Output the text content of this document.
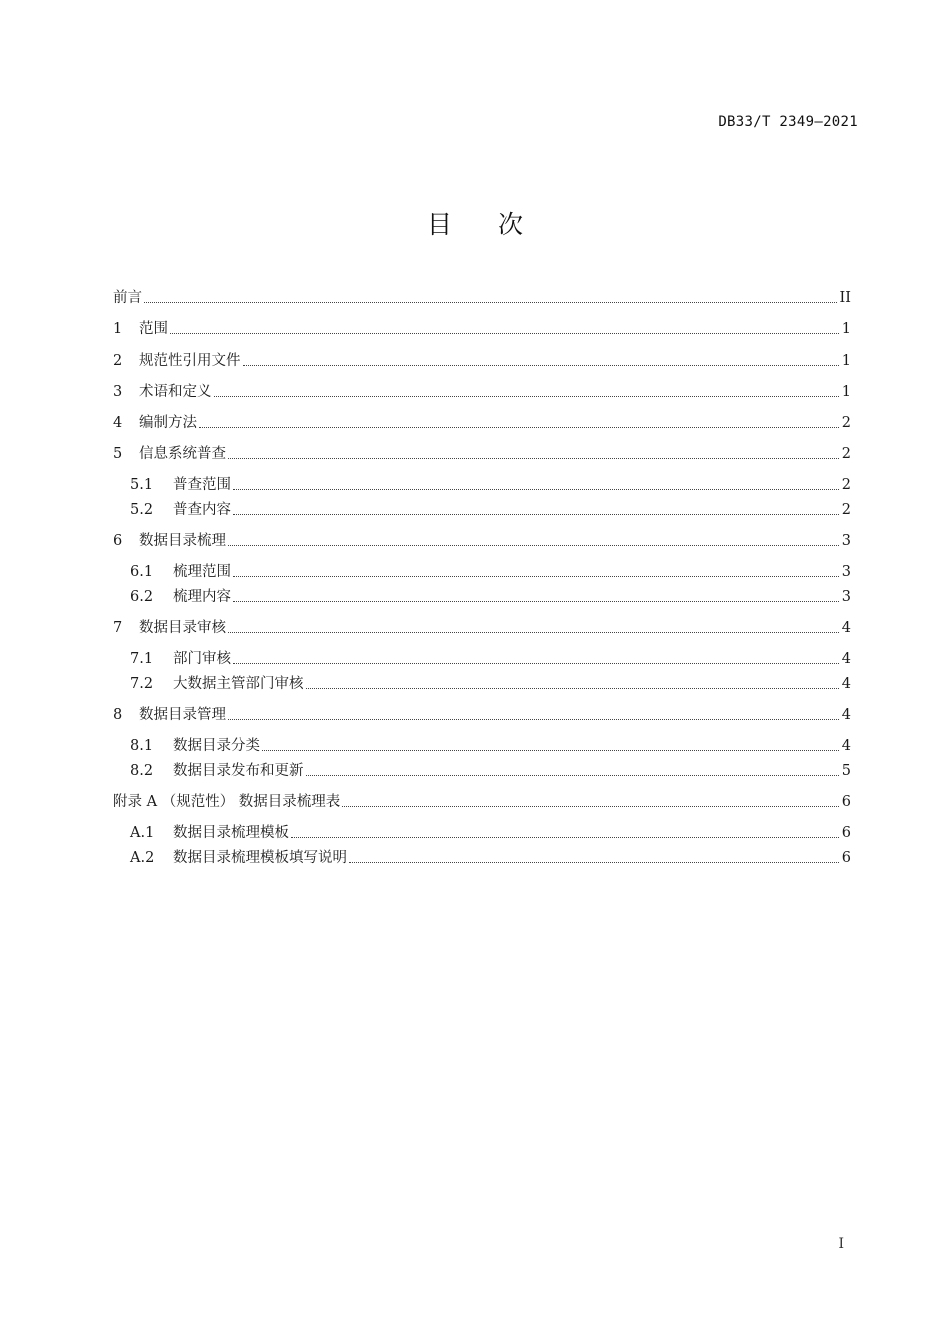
DB33/T 2349—2021
目次
前言	II
1	范围	1
2	规范性引用文件	1
3	术语和定义	1
4	编制方法	2
5	信息系统普查	2
5.1	普查范围	2
5.2	普查内容	2
6	数据目录梳理	3
6.1	梳理范围	3
6.2	梳理内容	3
7	数据目录审核	4
7.1	部门审核	4
7.2	大数据主管部门审核	4
8	数据目录管理	4
8.1	数据目录分类	4
8.2	数据目录发布和更新	5
附录 A （规范性） 数据目录梳理表	6
A.1	数据目录梳理模板	6
A.2	数据目录梳理模板填写说明	6
I
